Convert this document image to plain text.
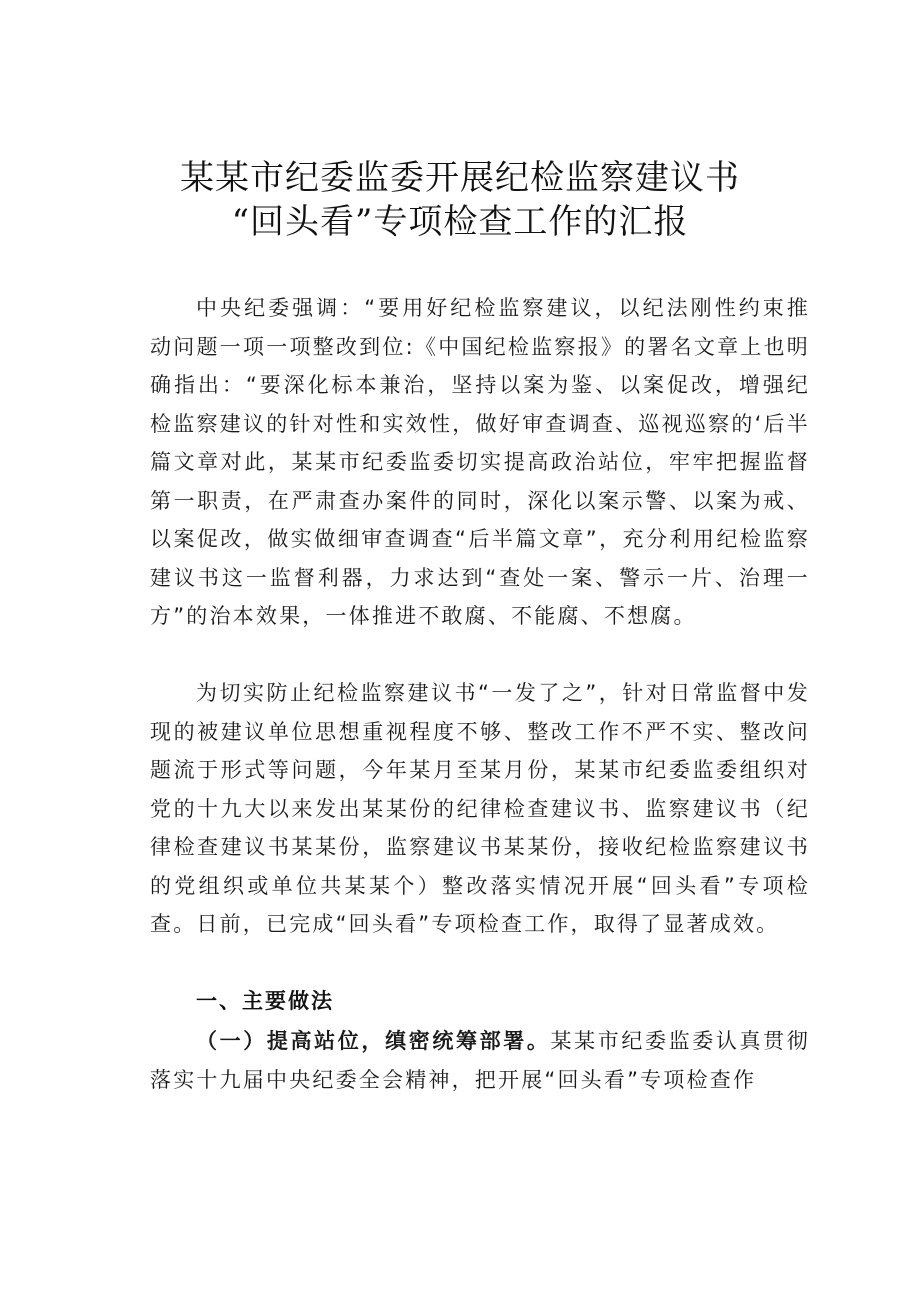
某某市纪委监委开展纪检监察建议书
“回头看”专项检查工作的汇报

中央纪委强调：“要用好纪检监察建议，以纪法刚性约束推动问题一项一项整改到位:《中国纪检监察报》的署名文章上也明确指出：“要深化标本兼治，坚持以案为鉴、以案促改，增强纪检监察建议的针对性和实效性，做好审查调查、巡视巡察的‘后半篇文章对此，某某市纪委监委切实提高政治站位，牢牢把握监督第一职责，在严肃查办案件的同时，深化以案示警、以案为戒、以案促改，做实做细审查调查“后半篇文章”，充分利用纪检监察建议书这一监督利器，力求达到“查处一案、警示一片、治理一方”的治本效果，一体推进不敢腐、不能腐、不想腐。

为切实防止纪检监察建议书“一发了之”，针对日常监督中发现的被建议单位思想重视程度不够、整改工作不严不实、整改问题流于形式等问题，今年某月至某月份，某某市纪委监委组织对党的十九大以来发出某某份的纪律检查建议书、监察建议书（纪律检查建议书某某份，监察建议书某某份，接收纪检监察建议书的党组织或单位共某某个）整改落实情况开展“回头看”专项检查。日前，已完成“回头看”专项检查工作，取得了显著成效。

一、主要做法

（一）提高站位，缜密统筹部署。某某市纪委监委认真贯彻落实十九届中央纪委全会精神，把开展“回头看”专项检查作
